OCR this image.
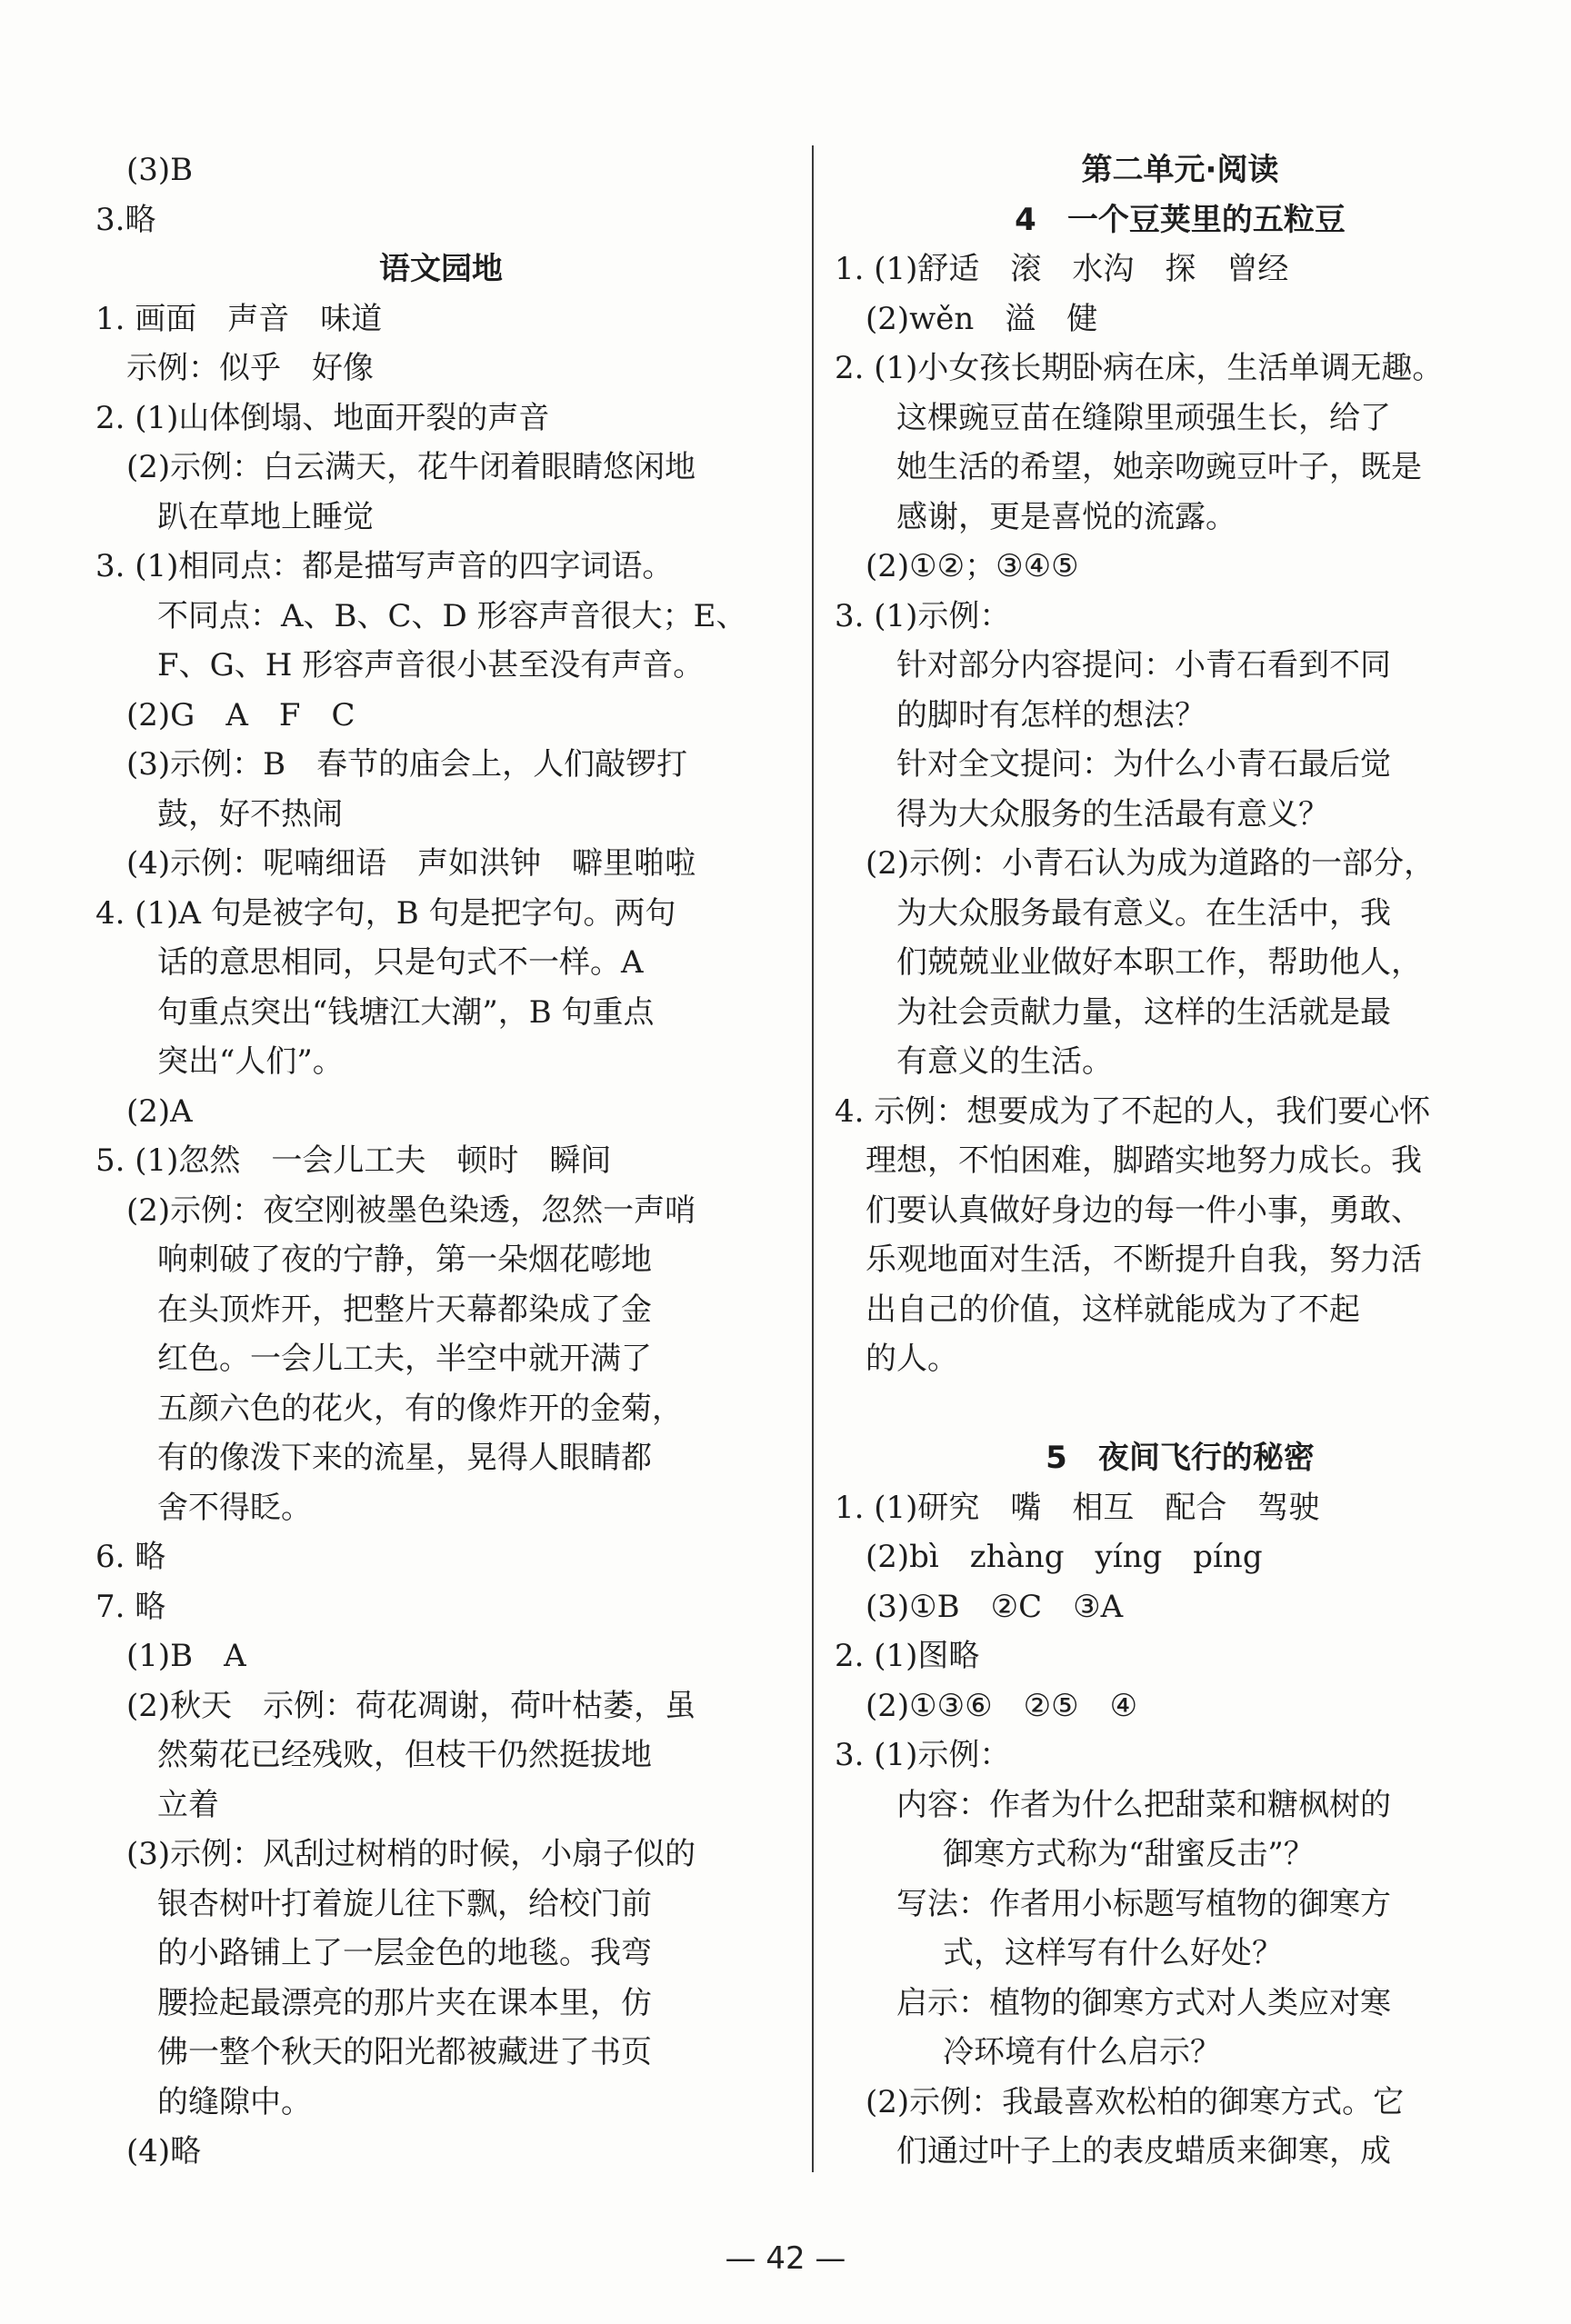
(3)B
3.略
语文园地
1. 画面　声音　味道
示例：似乎　好像
2. (1)山体倒塌、地面开裂的声音
(2)示例：白云满天，花牛闭着眼睛悠闲地
趴在草地上睡觉
3. (1)相同点：都是描写声音的四字词语。
不同点：A、B、C、D 形容声音很大；E、
F、G、H 形容声音很小甚至没有声音。
(2)G　A　F　C
(3)示例：B　春节的庙会上，人们敲锣打
鼓，好不热闹
(4)示例：呢喃细语　声如洪钟　噼里啪啦
4. (1)A 句是被字句，B 句是把字句。两句
话的意思相同，只是句式不一样。A
句重点突出“钱塘江大潮”，B 句重点
突出“人们”。
(2)A
5. (1)忽然　一会儿工夫　顿时　瞬间
(2)示例：夜空刚被墨色染透，忽然一声哨
响刺破了夜的宁静，第一朵烟花嘭地
在头顶炸开，把整片天幕都染成了金
红色。一会儿工夫，半空中就开满了
五颜六色的花火，有的像炸开的金菊，
有的像泼下来的流星，晃得人眼睛都
舍不得眨。
6. 略
7. 略
(1)B　A
(2)秋天　示例：荷花凋谢，荷叶枯萎，虽
然菊花已经残败，但枝干仍然挺拔地
立着
(3)示例：风刮过树梢的时候，小扇子似的
银杏树叶打着旋儿往下飘，给校门前
的小路铺上了一层金色的地毯。我弯
腰捡起最漂亮的那片夹在课本里，仿
佛一整个秋天的阳光都被藏进了书页
的缝隙中。
(4)略
第二单元·阅读
4　一个豆荚里的五粒豆
1. (1)舒适　滚　水沟　探　曾经
(2)wěn　溢　健
2. (1)小女孩长期卧病在床，生活单调无趣。
这棵豌豆苗在缝隙里顽强生长，给了
她生活的希望，她亲吻豌豆叶子，既是
感谢，更是喜悦的流露。
(2)①②；③④⑤
3. (1)示例：
针对部分内容提问：小青石看到不同
的脚时有怎样的想法？
针对全文提问：为什么小青石最后觉
得为大众服务的生活最有意义？
(2)示例：小青石认为成为道路的一部分，
为大众服务最有意义。在生活中，我
们兢兢业业做好本职工作，帮助他人，
为社会贡献力量，这样的生活就是最
有意义的生活。
4. 示例：想要成为了不起的人，我们要心怀
理想，不怕困难，脚踏实地努力成长。我
们要认真做好身边的每一件小事，勇敢、
乐观地面对生活，不断提升自我，努力活
出自己的价值，这样就能成为了不起
的人。
5　夜间飞行的秘密
1. (1)研究　嘴　相互　配合　驾驶
(2)bì　zhàng　yíng　píng
(3)①B　②C　③A
2. (1)图略
(2)①③⑥　②⑤　④
3. (1)示例：
内容：作者为什么把甜菜和糖枫树的
御寒方式称为“甜蜜反击”？
写法：作者用小标题写植物的御寒方
式，这样写有什么好处？
启示：植物的御寒方式对人类应对寒
冷环境有什么启示？
(2)示例：我最喜欢松柏的御寒方式。它
们通过叶子上的表皮蜡质来御寒，成
— 42 —
